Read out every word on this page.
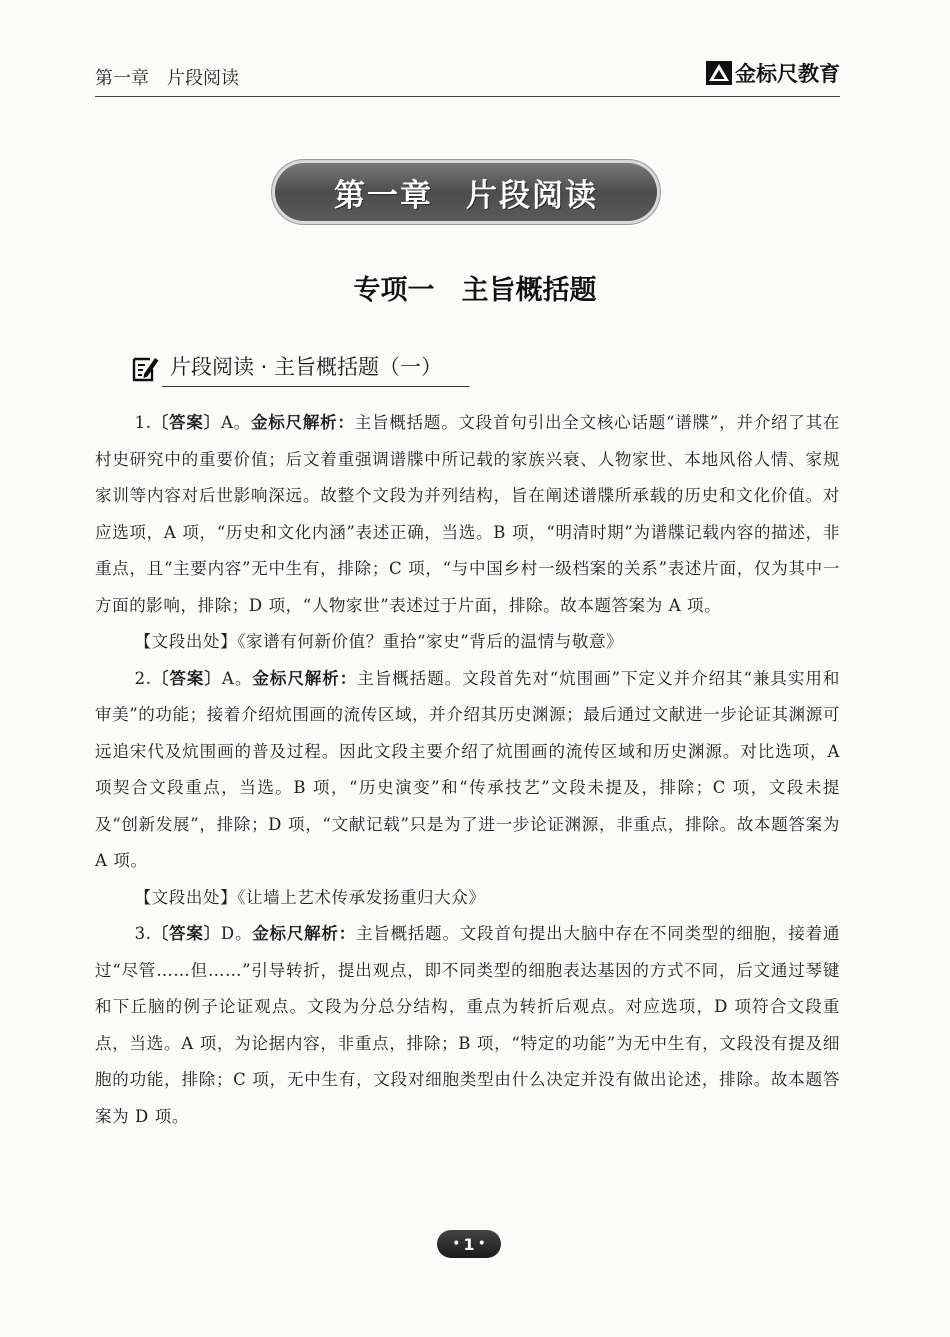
第一章　片段阅读	金标尺教育
第一章　片段阅读
专项一　主旨概括题
片段阅读 · 主旨概括题（一）

1.〔答案〕A。金标尺解析：主旨概括题。文段首句引出全文核心话题“谱牒”，并介绍了其在村史研究中的重要价值；后文着重强调谱牒中所记载的家族兴衰、人物家世、本地风俗人情、家规家训等内容对后世影响深远。故整个文段为并列结构，旨在阐述谱牒所承载的历史和文化价值。对应选项，A 项，“历史和文化内涵”表述正确，当选。B 项，“明清时期”为谱牒记载内容的描述，非重点，且“主要内容”无中生有，排除；C 项，“与中国乡村一级档案的关系”表述片面，仅为其中一方面的影响，排除；D 项，“人物家世”表述过于片面，排除。故本题答案为 A 项。

【文段出处】《家谱有何新价值？重拾“家史”背后的温情与敬意》

2.〔答案〕A。金标尺解析：主旨概括题。文段首先对“炕围画”下定义并介绍其“兼具实用和审美”的功能；接着介绍炕围画的流传区域，并介绍其历史渊源；最后通过文献进一步论证其渊源可远追宋代及炕围画的普及过程。因此文段主要介绍了炕围画的流传区域和历史渊源。对比选项，A 项契合文段重点，当选。B 项，“历史演变”和“传承技艺”文段未提及，排除；C 项，文段未提及“创新发展”，排除；D 项，“文献记载”只是为了进一步论证渊源，非重点，排除。故本题答案为 A 项。

【文段出处】《让墙上艺术传承发扬重归大众》

3.〔答案〕D。金标尺解析：主旨概括题。文段首句提出大脑中存在不同类型的细胞，接着通过“尽管……但……”引导转折，提出观点，即不同类型的细胞表达基因的方式不同，后文通过琴键和下丘脑的例子论证观点。文段为分总分结构，重点为转折后观点。对应选项，D 项符合文段重点，当选。A 项，为论据内容，非重点，排除；B 项，“特定的功能”为无中生有，文段没有提及细胞的功能，排除；C 项，无中生有，文段对细胞类型由什么决定并没有做出论述，排除。故本题答案为 D 项。

• 1 •
